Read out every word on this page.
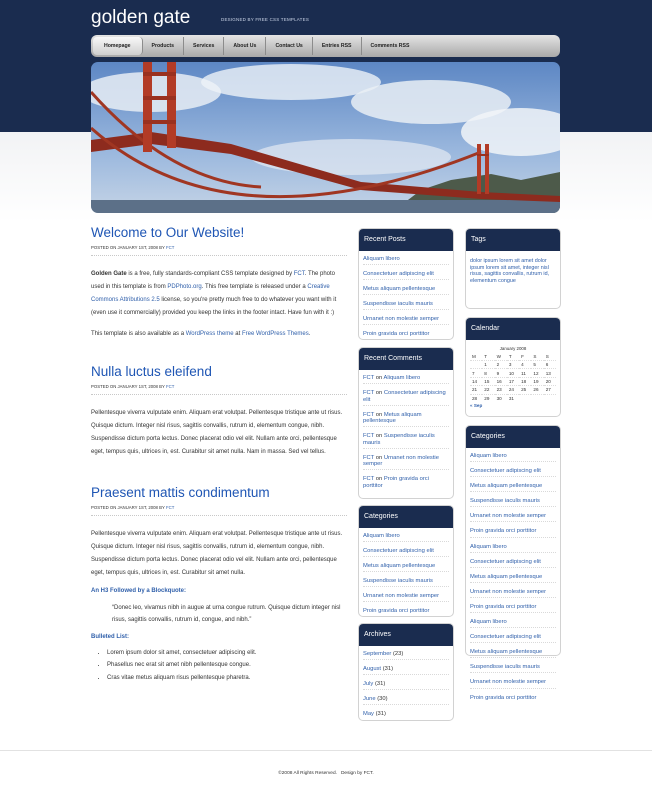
golden gate	DESIGNED BY FREE CSS TEMPLATES
Homepage	Products	Services	About Us	Contact Us	Entries RSS	Comments RSS
Welcome to Our Website!
POSTED ON JANUARY 1ST, 2008 BY FCT

Golden Gate is a free, fully standards-compliant CSS template designed by FCT. The photo used in this template is from PDPhoto.org. This free template is released under a Creative Commons Attributions 2.5 license, so you're pretty much free to do whatever you want with it (even use it commercially) provided you keep the links in the footer intact. Have fun with it :)

This template is also available as a WordPress theme at Free WordPress Themes.

Nulla luctus eleifend
POSTED ON JANUARY 1ST, 2008 BY FCT

Pellentesque viverra vulputate enim. Aliquam erat volutpat. Pellentesque tristique ante ut risus. Quisque dictum. Integer nisl risus, sagittis convallis, rutrum id, elementum congue, nibh. Suspendisse dictum porta lectus. Donec placerat odio vel elit. Nullam ante orci, pellentesque eget, tempus quis, ultrices in, est. Curabitur sit amet nulla. Nam in massa. Sed vel tellus.

Praesent mattis condimentum
POSTED ON JANUARY 1ST, 2008 BY FCT

Pellentesque viverra vulputate enim. Aliquam erat volutpat. Pellentesque tristique ante ut risus. Quisque dictum. Integer nisl risus, sagittis convallis, rutrum id, elementum congue, nibh. Suspendisse dictum porta lectus. Donec placerat odio vel elit. Nullam ante orci, pellentesque eget, tempus quis, ultrices in, est. Curabitur sit amet nulla.

An H3 Followed by a Blockquote:
“Donec leo, vivamus nibh in augue at urna congue rutrum. Quisque dictum integer nisl risus, sagittis convallis, rutrum id, congue, and nibh.”
Bulleted List:
• Lorem ipsum dolor sit amet, consectetuer adipiscing elit.
• Phasellus nec erat sit amet nibh pellentesque congue.
• Cras vitae metus aliquam risus pellentesque pharetra.
Recent Posts
Aliquam libero
Consectetuer adipiscing elit
Metus aliquam pellentesque
Suspendisse iaculis mauris
Urnanet non molestie semper
Proin gravida orci porttitor
Recent Comments
FCT on Aliquam libero
FCT on Consectetuer adipiscing elit
FCT on Metus aliquam pellentesque
FCT on Suspendisse iaculis mauris
FCT on Urnanet non molestie semper
FCT on Proin gravida orci porttitor
Categories
Aliquam libero
Consectetuer adipiscing elit
Metus aliquam pellentesque
Suspendisse iaculis mauris
Urnanet non molestie semper
Proin gravida orci porttitor
Archives
September (23)
August (31)
July (31)
June (30)
May (31)
Tags
dolor ipsum lorem sit amet dolor ipsum lorem sit amet, integer nisl risus, sagittis convallis, rutrum id, elementum congue
Calendar
January 2008
M	T	W	T	F	S	S
	1	2	3	4	5	6
7	8	9	10	11	12	13
14	15	16	17	18	19	20
21	22	23	24	25	26	27
28	29	30	31			
« Sep
Categories
Aliquam libero
Consectetuer adipiscing elit
Metus aliquam pellentesque
Suspendisse iaculis mauris
Urnanet non molestie semper
Proin gravida orci porttitor
Aliquam libero
Consectetuer adipiscing elit
Metus aliquam pellentesque
Urnanet non molestie semper
Proin gravida orci porttitor
Aliquam libero
Consectetuer adipiscing elit
Metus aliquam pellentesque
Suspendisse iaculis mauris
Urnanet non molestie semper
Proin gravida orci porttitor
©2008 All Rights Reserved.   Design by FCT.
